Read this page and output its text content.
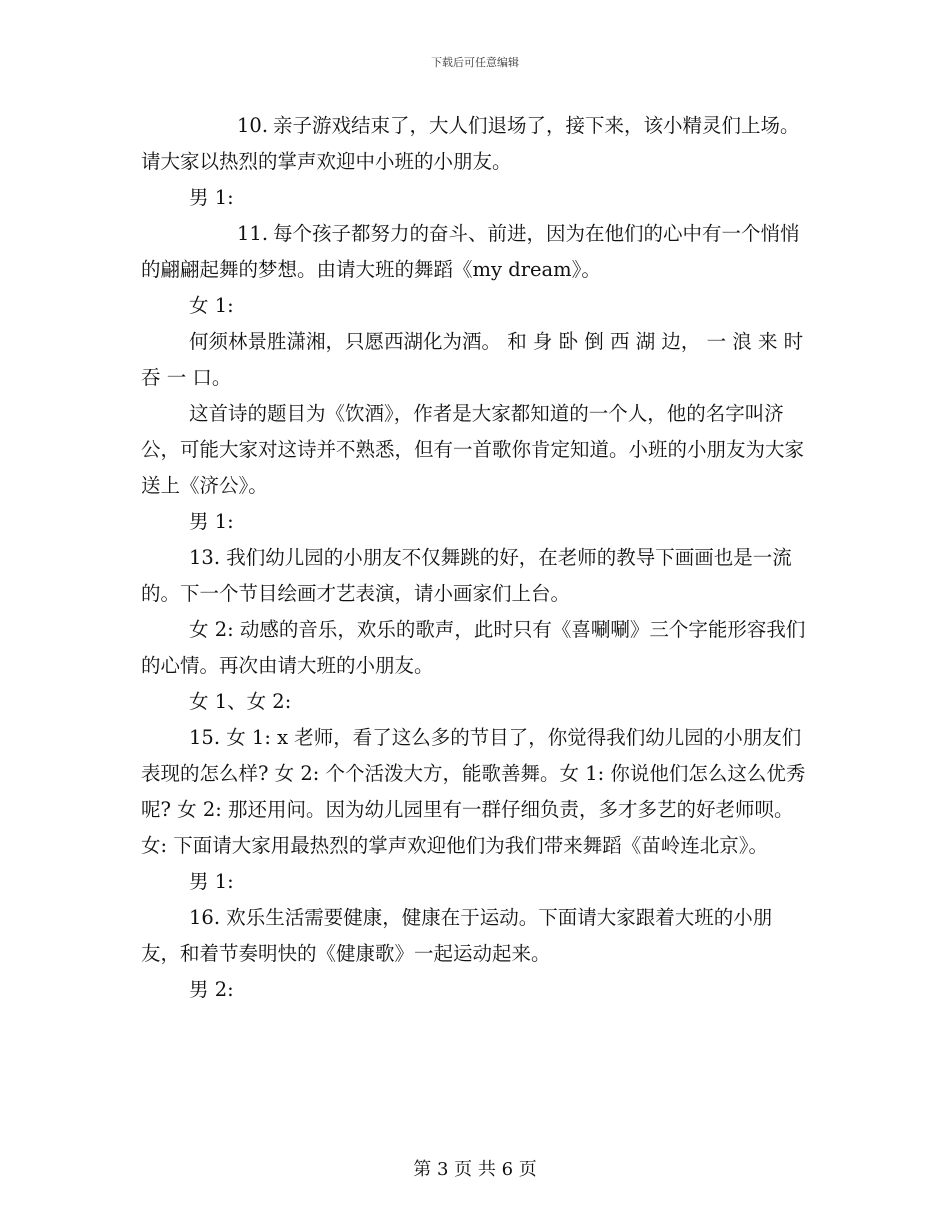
下载后可任意编辑

10. 亲子游戏结束了，大人们退场了，接下来，该小精灵们上场。请大家以热烈的掌声欢迎中小班的小朋友。

男 1:

11. 每个孩子都努力的奋斗、前进，因为在他们的心中有一个悄悄的翩翩起舞的梦想。由请大班的舞蹈《my dream》。

女 1:

何须林景胜潇湘，只愿西湖化为酒。 和 身 卧 倒 西 湖 边， 一 浪 来 时 吞 一 口。

这首诗的题目为《饮酒》，作者是大家都知道的一个人，他的名字叫济公，可能大家对这诗并不熟悉，但有一首歌你肯定知道。小班的小朋友为大家送上《济公》。

男 1:

13. 我们幼儿园的小朋友不仅舞跳的好，在老师的教导下画画也是一流的。下一个节目绘画才艺表演，请小画家们上台。

女 2: 动感的音乐，欢乐的歌声，此时只有《喜唰唰》三个字能形容我们的心情。再次由请大班的小朋友。

女 1、女 2:

15. 女 1: x 老师，看了这么多的节目了，你觉得我们幼儿园的小朋友们表现的怎么样? 女 2: 个个活泼大方，能歌善舞。女 1: 你说他们怎么这么优秀呢? 女 2: 那还用问。因为幼儿园里有一群仔细负责，多才多艺的好老师呗。女: 下面请大家用最热烈的掌声欢迎他们为我们带来舞蹈《苗岭连北京》。

男 1:

16. 欢乐生活需要健康，健康在于运动。下面请大家跟着大班的小朋友，和着节奏明快的《健康歌》一起运动起来。

男 2:

第 3 页 共 6 页
